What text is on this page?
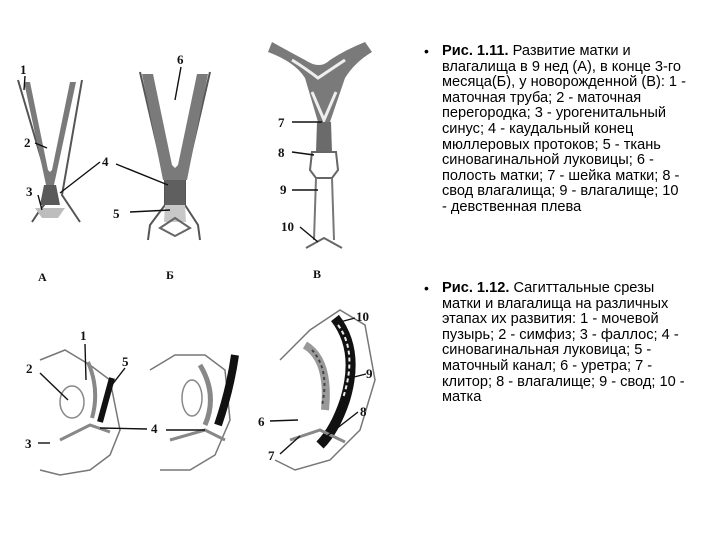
1
2
3
4
5
6
7
8
9
10
А	Б	В
1
2
3
4
5
6
7
8
9
10
• Рис. 1.11. Развитие матки и влагалища в 9 нед (А), в конце 3-го месяца(Б), у новорожденной (В): 1 - маточная труба; 2 - маточная перегородка; 3 - урогенитальный синус; 4 - каудальный конец мюллеровых протоков; 5 - ткань синовагинальной луковицы; 6 - полость матки; 7 - шейка матки; 8 - свод влагалища; 9 - влагалище; 10 - девственная плева
• Рис. 1.12. Сагиттальные срезы матки и влагалища на различных этапах их развития: 1 - мочевой пузырь; 2 - симфиз; 3 - фаллос; 4 - синовагинальная луковица; 5 - маточный канал; 6 - уретра; 7 - клитор; 8 - влагалище; 9 - свод; 10 - матка
